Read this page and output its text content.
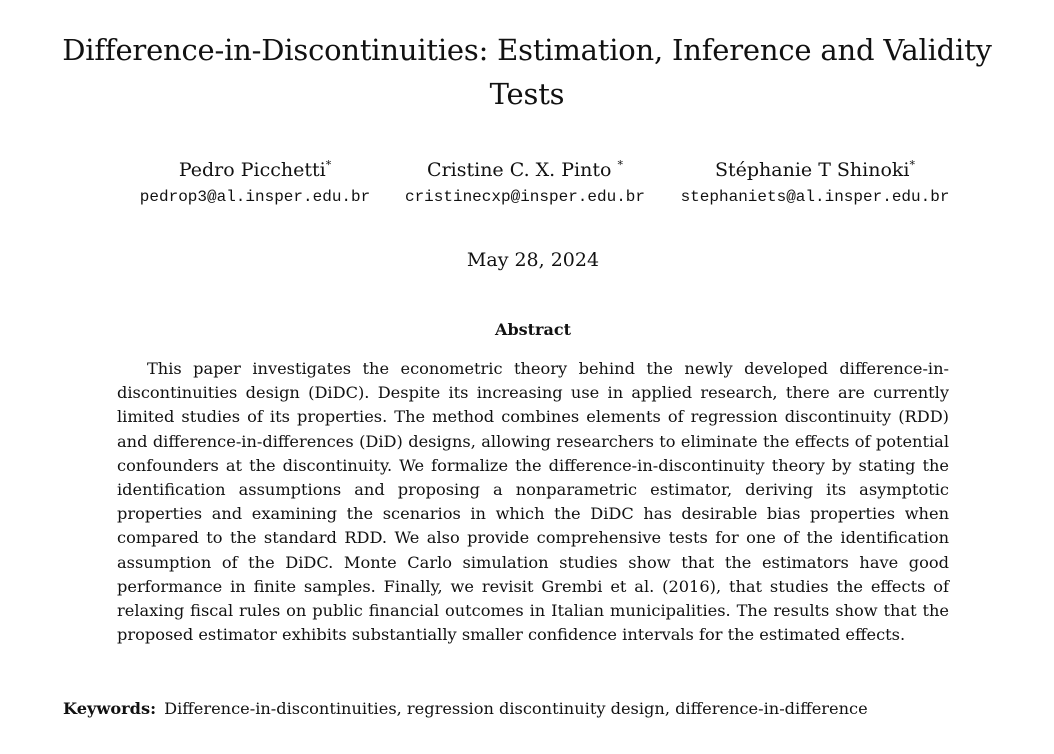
Difference-in-Discontinuities: Estimation, Inference and Validity Tests
Pedro Picchetti*
pedrop3@al.insper.edu.br
Cristine C. X. Pinto *
cristinecxp@insper.edu.br
Stéphanie T Shinoki*
stephaniets@al.insper.edu.br
May 28, 2024
Abstract

This paper investigates the econometric theory behind the newly developed difference-in-discontinuities design (DiDC). Despite its increasing use in applied research, there are currently limited studies of its properties. The method combines elements of regression discontinuity (RDD) and difference-in-differences (DiD) designs, allowing researchers to eliminate the effects of potential confounders at the discontinuity. We formalize the difference-in-discontinuity theory by stating the identification assumptions and proposing a nonparametric estimator, deriving its asymptotic properties and examining the scenarios in which the DiDC has desirable bias properties when compared to the standard RDD. We also provide comprehensive tests for one of the identification assumption of the DiDC. Monte Carlo simulation studies show that the estimators have good performance in finite samples. Finally, we revisit Grembi et al. (2016), that studies the effects of relaxing fiscal rules on public financial outcomes in Italian municipalities. The results show that the proposed estimator exhibits substantially smaller confidence intervals for the estimated effects.

Keywords: Difference-in-discontinuities, regression discontinuity design, difference-in-difference
